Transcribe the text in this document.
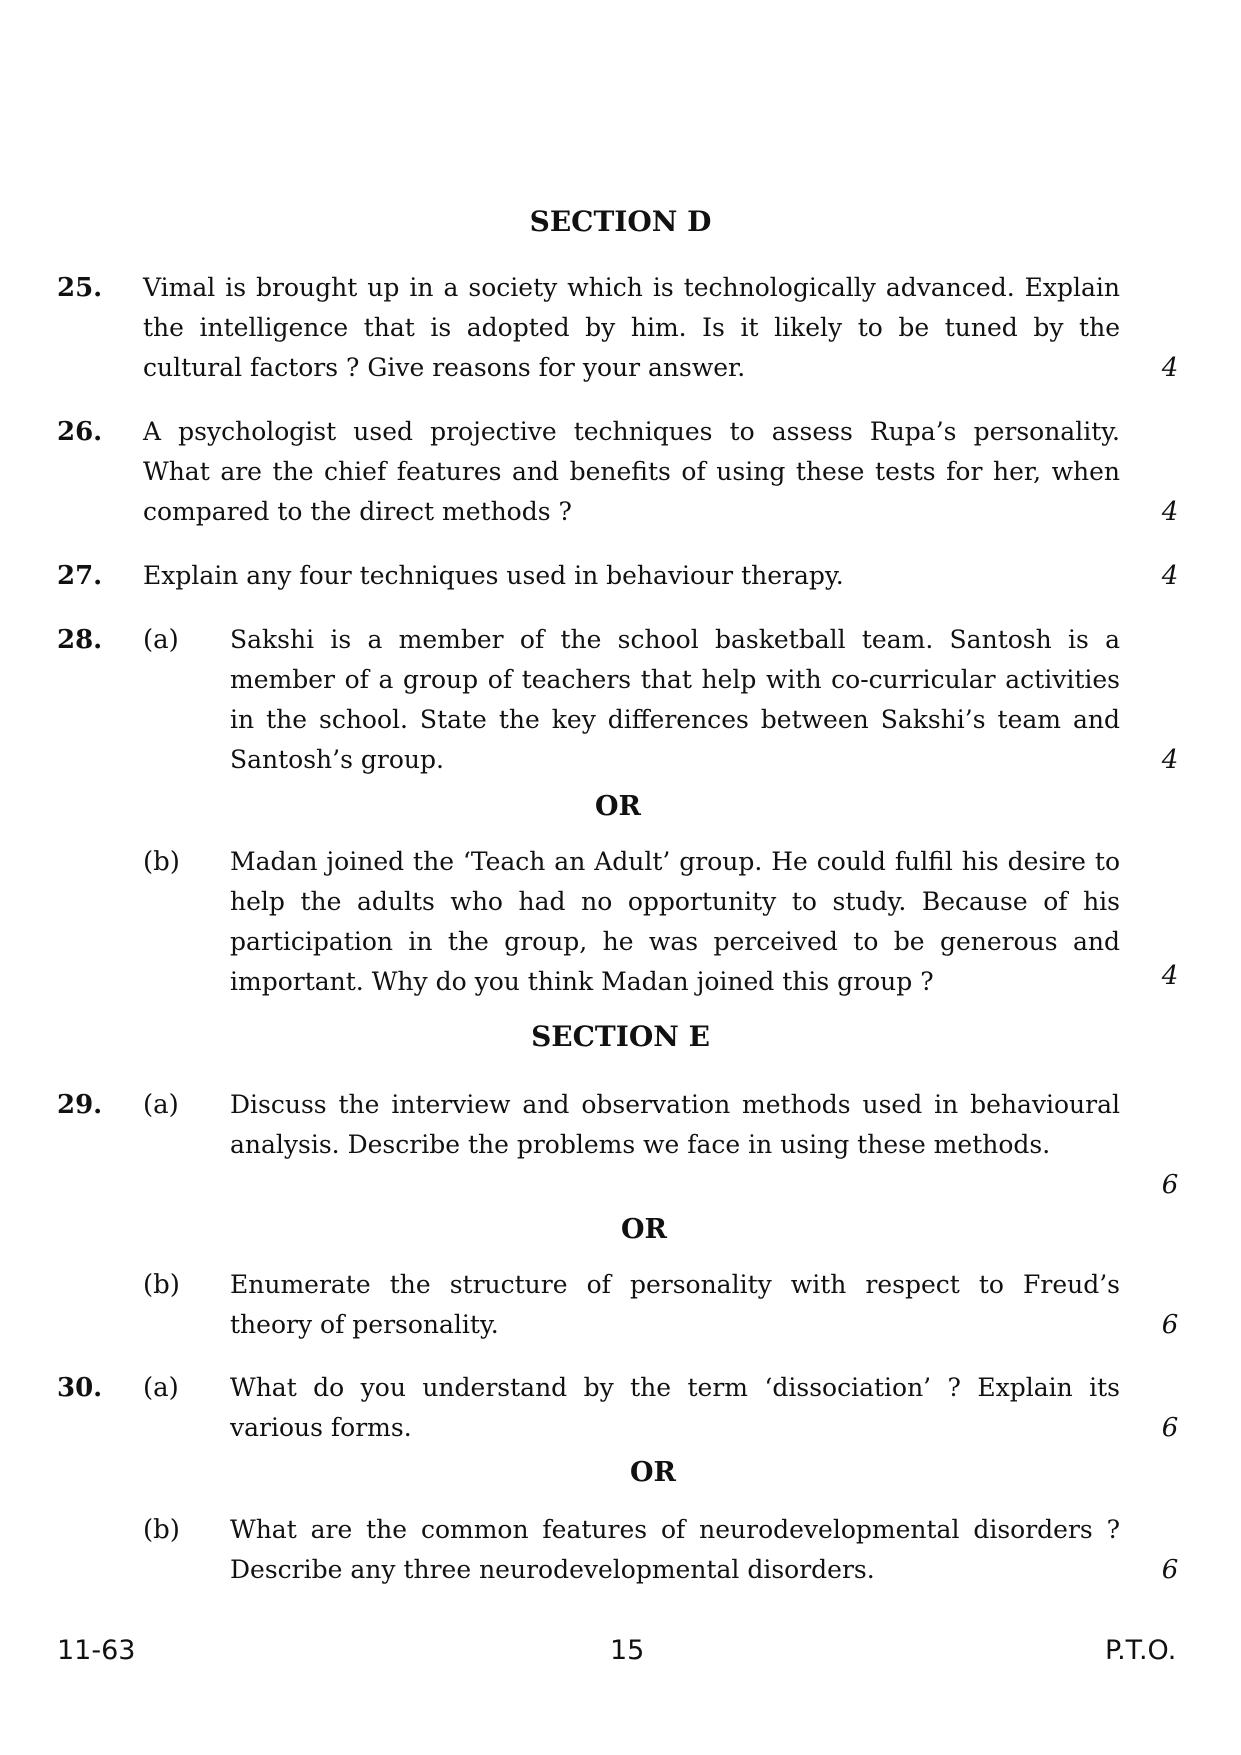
SECTION D
25. Vimal is brought up in a society which is technologically advanced. Explain the intelligence that is adopted by him. Is it likely to be tuned by the cultural factors ? Give reasons for your answer.	4
26. A psychologist used projective techniques to assess Rupa’s personality. What are the chief features and benefits of using these tests for her, when compared to the direct methods ?	4
27. Explain any four techniques used in behaviour therapy.	4
28. (a) Sakshi is a member of the school basketball team. Santosh is a member of a group of teachers that help with co-curricular activities in the school. State the key differences between Sakshi’s team and Santosh’s group.	4
OR
(b) Madan joined the ‘Teach an Adult’ group. He could fulfil his desire to help the adults who had no opportunity to study. Because of his participation in the group, he was perceived to be generous and important. Why do you think Madan joined this group ?	4
SECTION E
29. (a) Discuss the interview and observation methods used in behavioural analysis. Describe the problems we face in using these methods.
6
OR
(b) Enumerate the structure of personality with respect to Freud’s theory of personality.	6
30. (a) What do you understand by the term ‘dissociation’ ? Explain its various forms.	6
OR
(b) What are the common features of neurodevelopmental disorders ? Describe any three neurodevelopmental disorders.	6
11-63	15	P.T.O.
